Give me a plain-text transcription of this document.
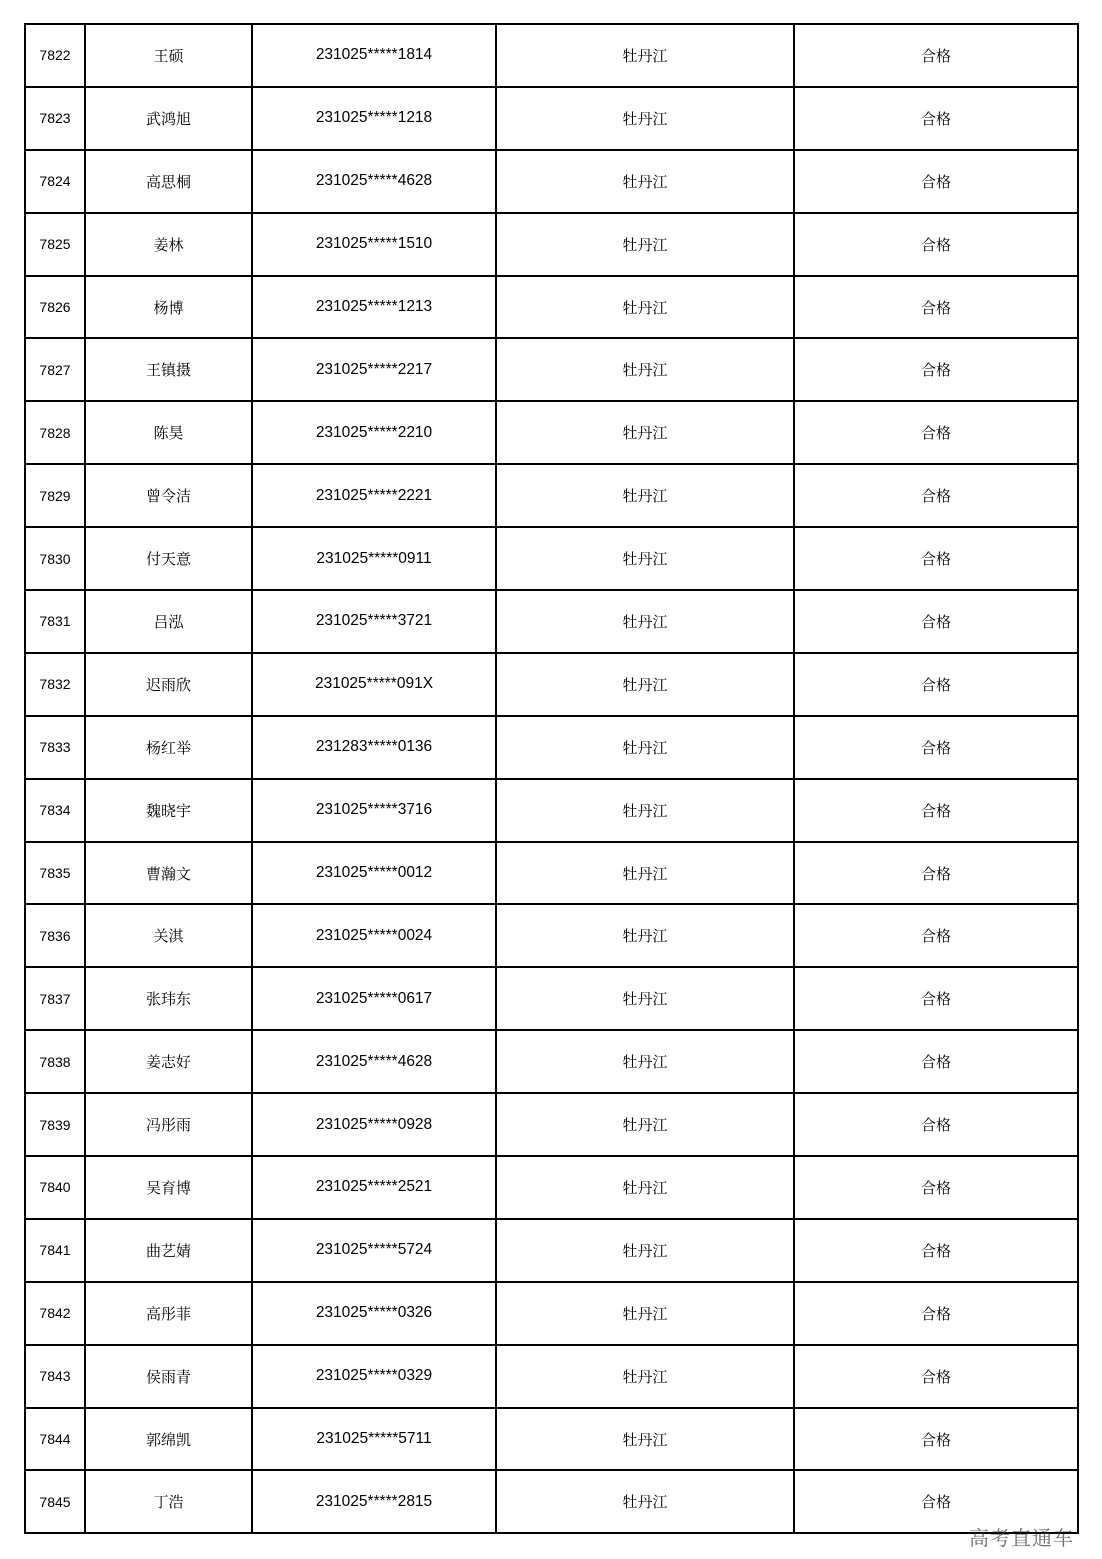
7822	王硕	231025*****1814	牡丹江	合格
7823	武鸿旭	231025*****1218	牡丹江	合格
7824	高思桐	231025*****4628	牡丹江	合格
7825	姜林	231025*****1510	牡丹江	合格
7826	杨博	231025*****1213	牡丹江	合格
7827	王镇摄	231025*****2217	牡丹江	合格
7828	陈昊	231025*****2210	牡丹江	合格
7829	曾令洁	231025*****2221	牡丹江	合格
7830	付天意	231025*****0911	牡丹江	合格
7831	吕泓	231025*****3721	牡丹江	合格
7832	迟雨欣	231025*****091X	牡丹江	合格
7833	杨红举	231283*****0136	牡丹江	合格
7834	魏晓宇	231025*****3716	牡丹江	合格
7835	曹瀚文	231025*****0012	牡丹江	合格
7836	关淇	231025*****0024	牡丹江	合格
7837	张玮东	231025*****0617	牡丹江	合格
7838	姜志好	231025*****4628	牡丹江	合格
7839	冯彤雨	231025*****0928	牡丹江	合格
7840	吴育博	231025*****2521	牡丹江	合格
7841	曲艺婧	231025*****5724	牡丹江	合格
7842	高彤菲	231025*****0326	牡丹江	合格
7843	侯雨青	231025*****0329	牡丹江	合格
7844	郭绵凯	231025*****5711	牡丹江	合格
7845	丁浩	231025*****2815	牡丹江	合格
高考直通车
